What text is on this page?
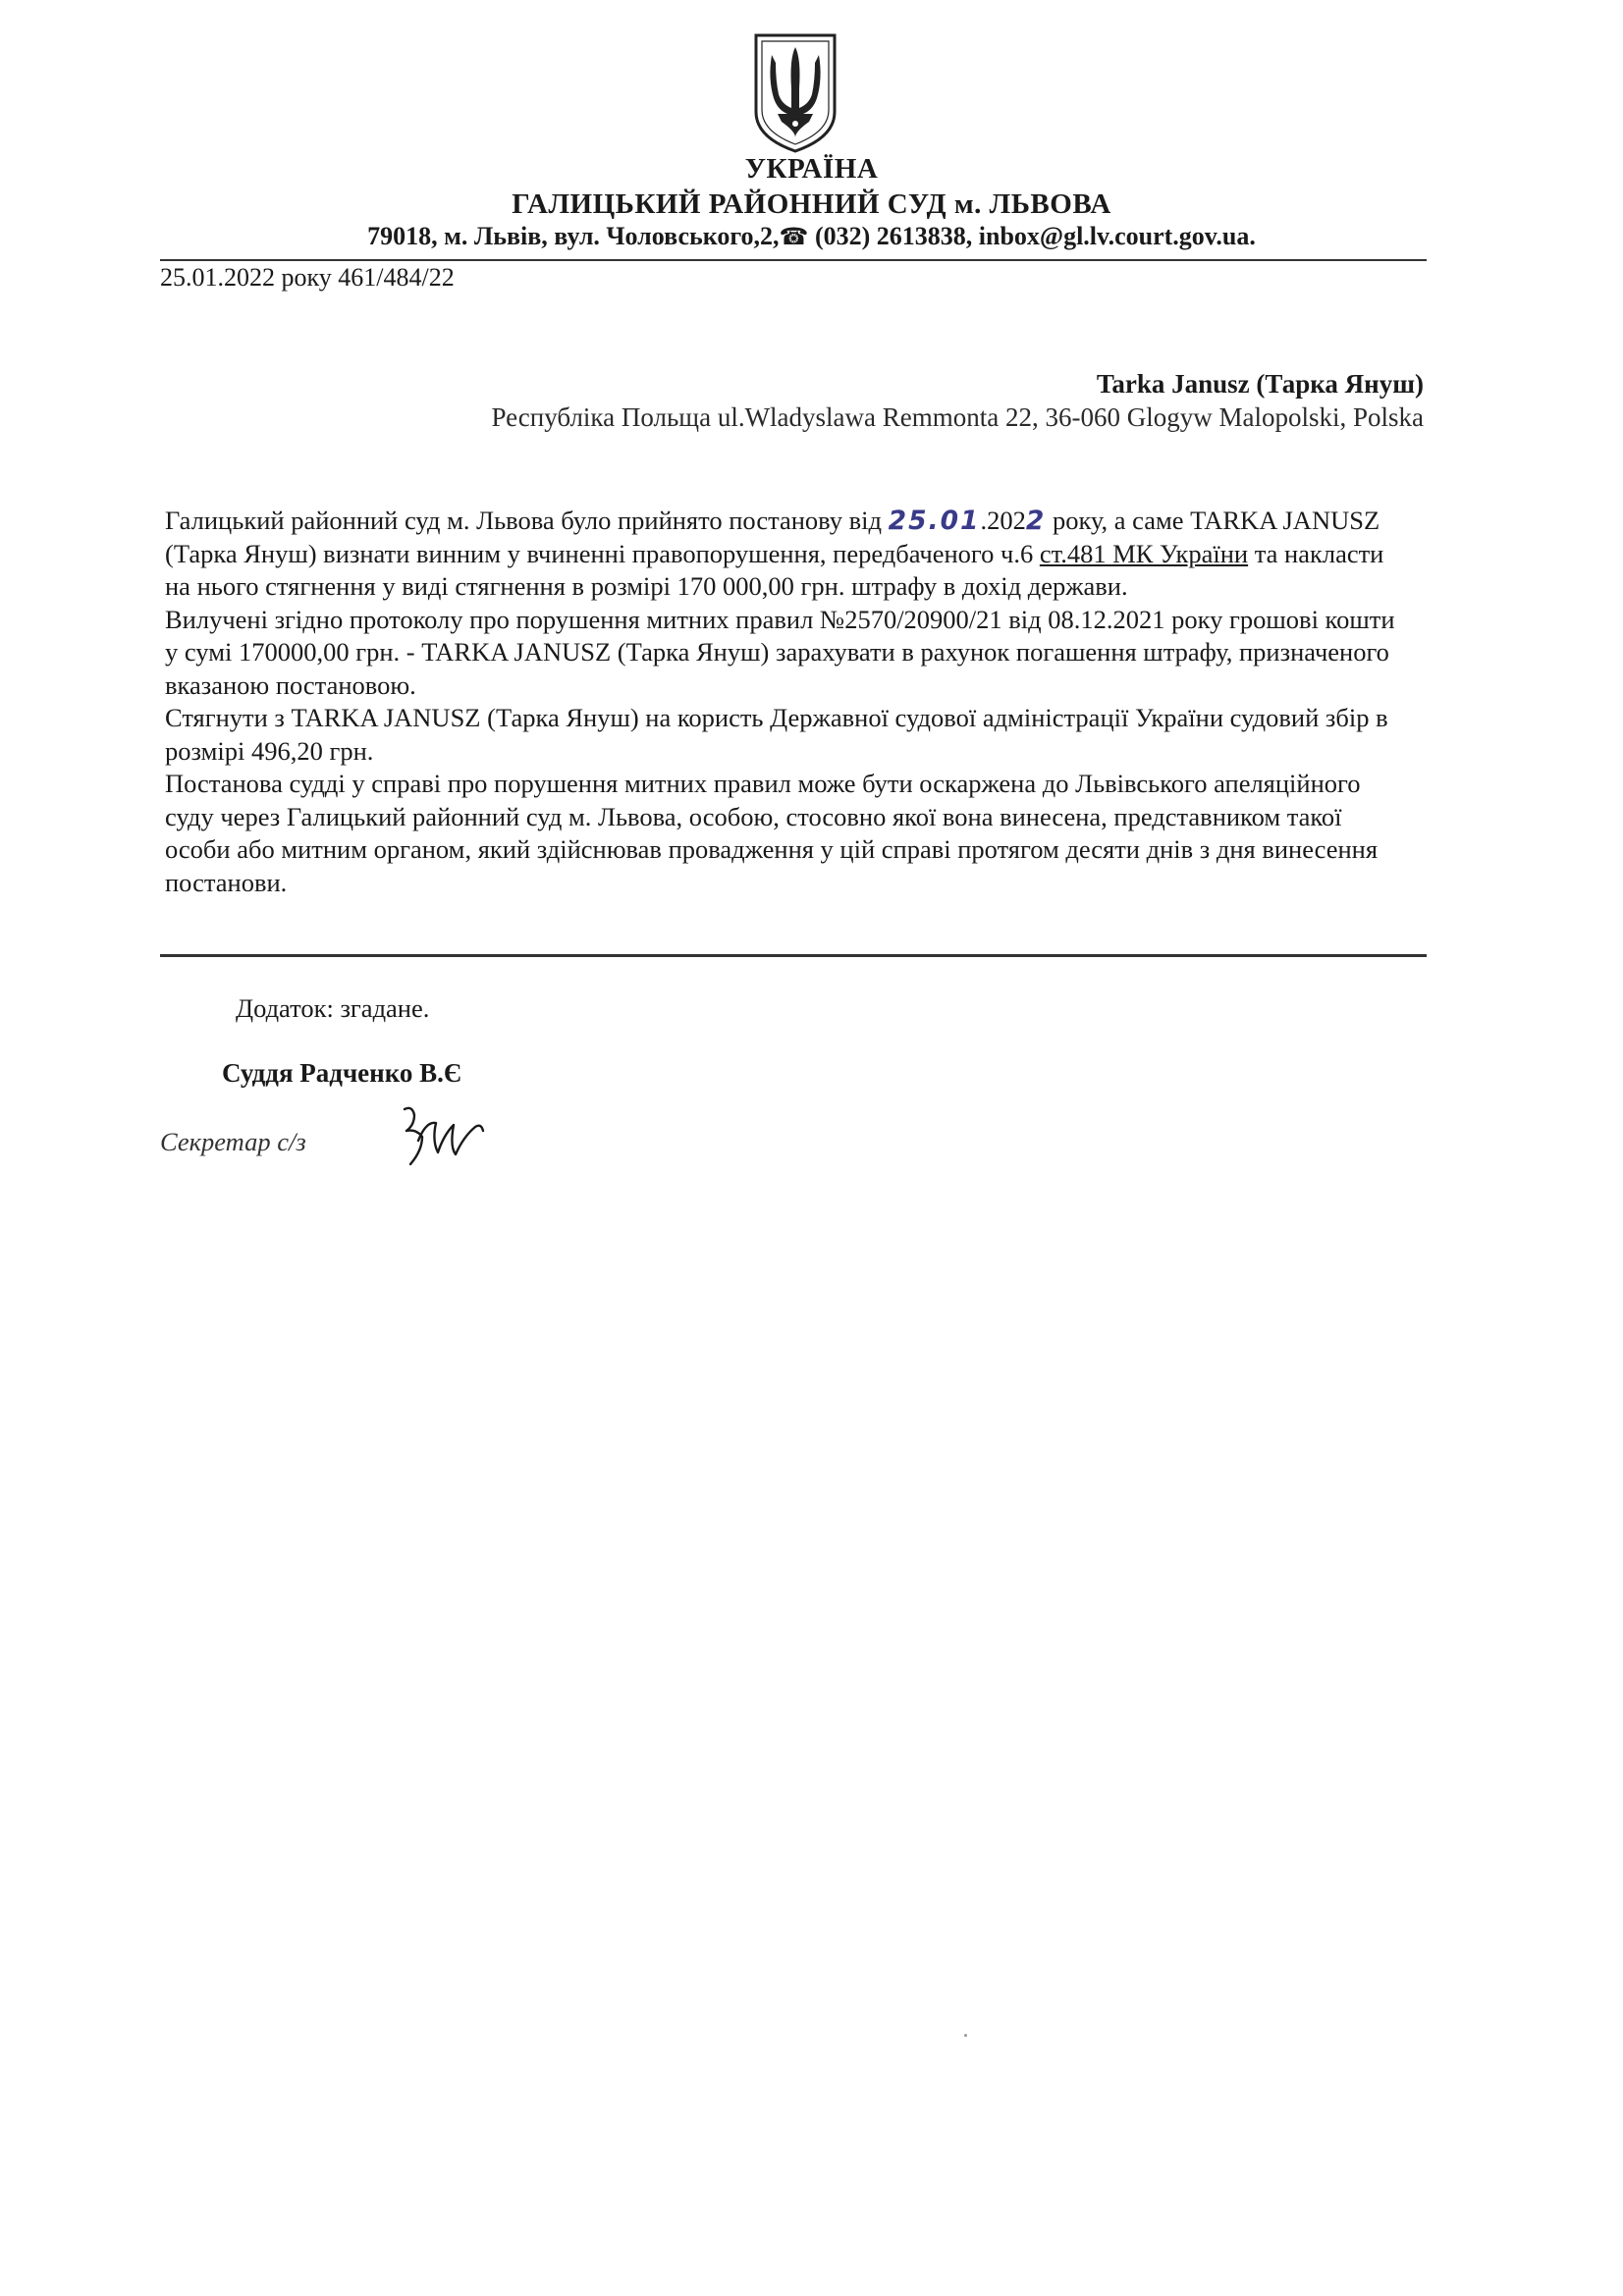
УКРАЇНА
ГАЛИЦЬКИЙ РАЙОННИЙ СУД м. ЛЬВОВА
79018, м. Львів, вул. Чоловського,2,☎ (032) 2613838, inbox@gl.lv.court.gov.ua.
25.01.2022 року 461/484/22
Tarka Janusz (Тарка Януш)
Республіка Польща ul.Wladyslawa Remmonta 22, 36-060 Glogyw Malopolski, Polska

Галицький районний суд м. Львова було прийнято постанову від 25.01.2022 року, а саме TARKA JANUSZ (Тарка Януш) визнати винним у вчиненні правопорушення, передбаченого ч.6 ст.481 МК України та накласти на нього стягнення у виді стягнення в розмірі 170 000,00 грн. штрафу в дохід держави.

Вилучені згідно протоколу про порушення митних правил №2570/20900/21 від 08.12.2021 року грошові кошти у сумі 170000,00 грн. - TARKA JANUSZ (Тарка Януш) зарахувати в рахунок погашення штрафу, призначеного вказаною постановою.

Стягнути з TARKA JANUSZ (Тарка Януш) на користь Державної судової адміністрації України судовий збір в розмірі 496,20 грн.

Постанова судді у справі про порушення митних правил може бути оскаржена до Львівського апеляційного суду через Галицький районний суд м. Львова, особою, стосовно якої вона винесена, представником такої особи або митним органом, який здійснював провадження у цій справі протягом десяти днів з дня винесення постанови.

Додаток: згадане.
Суддя Радченко В.Є
Секретар с/з
